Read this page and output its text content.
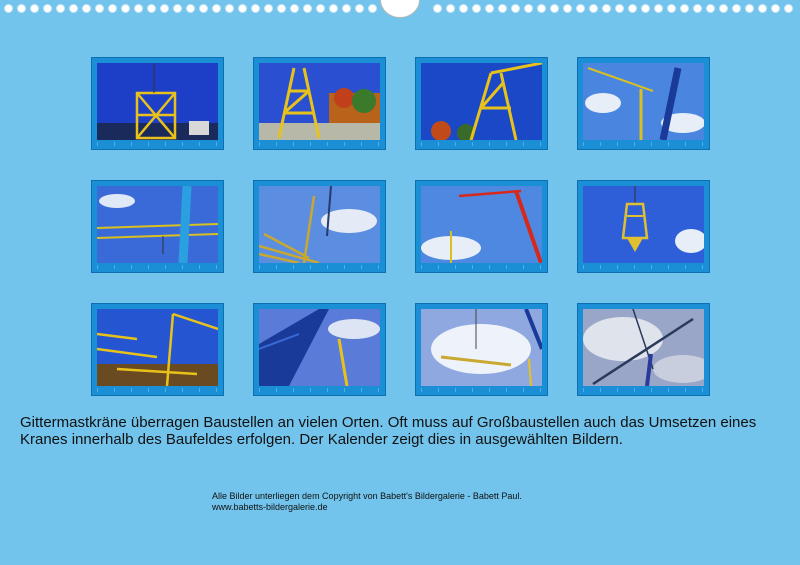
Gittermastkräne überragen Baustellen an vielen Orten. Oft muss auf Großbaustellen auch das Umsetzen eines Kranes innerhalb des Baufeldes erfolgen. Der Kalender zeigt dies in ausgewählten Bildern.

Alle Bilder unterliegen dem Copyright von Babett's Bildergalerie - Babett Paul.
www.babetts-bildergalerie.de
